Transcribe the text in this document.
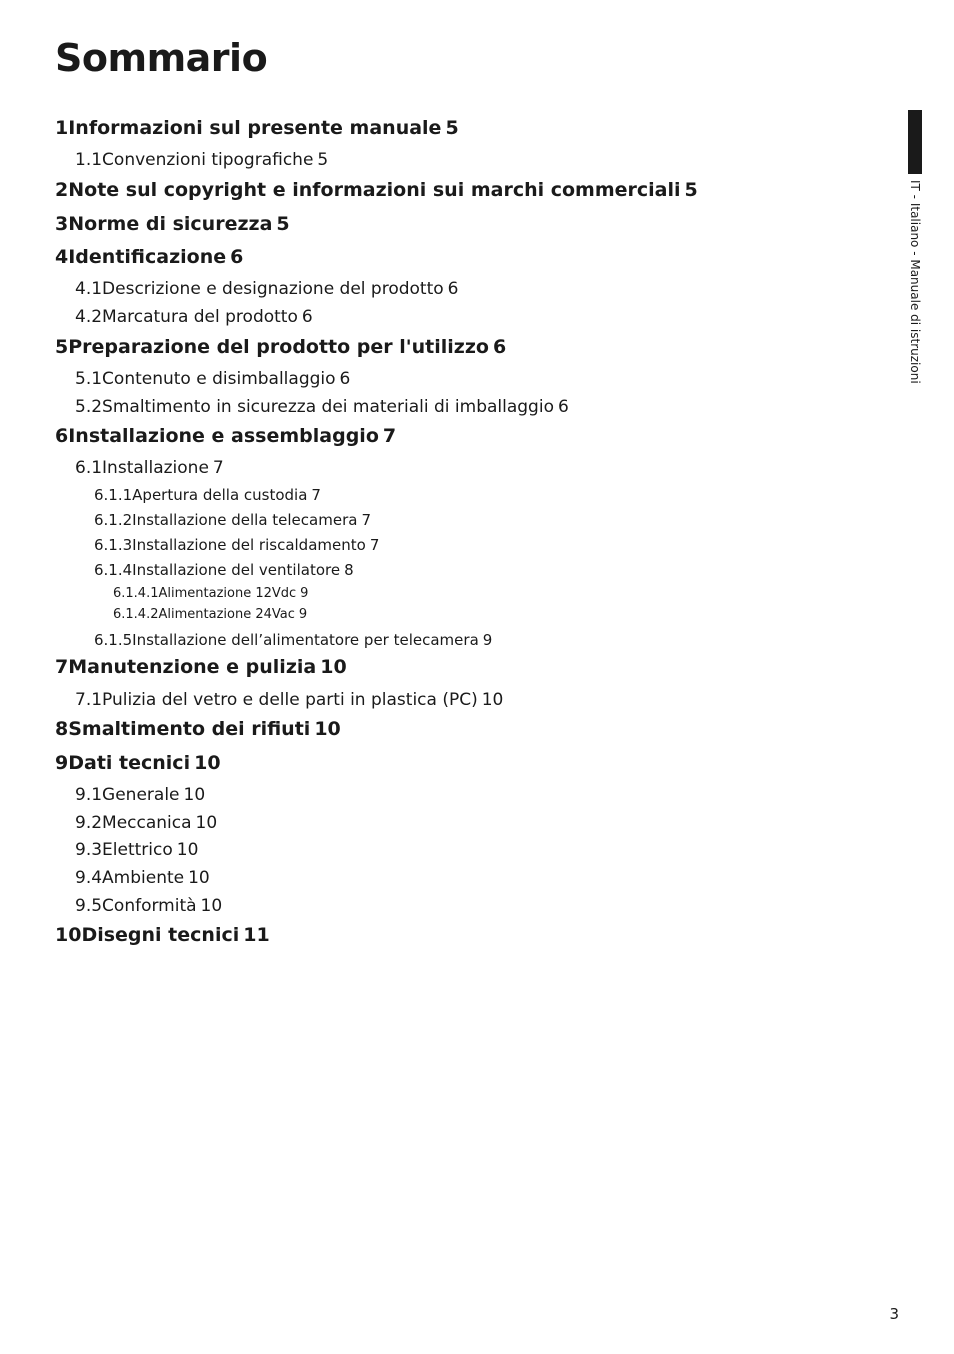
Sommario
IT - Italiano - Manuale di istruzioni
1 Informazioni sul presente manuale 5
1.1 Convenzioni tipografiche 5
2 Note sul copyright e informazioni sui marchi commerciali 5
3 Norme di sicurezza 5
4 Identificazione 6
4.1 Descrizione e designazione del prodotto 6
4.2 Marcatura del prodotto 6
5 Preparazione del prodotto per l'utilizzo 6
5.1 Contenuto e disimballaggio 6
5.2 Smaltimento in sicurezza dei materiali di imballaggio 6
6 Installazione e assemblaggio 7
6.1 Installazione 7
6.1.1 Apertura della custodia 7
6.1.2 Installazione della telecamera 7
6.1.3 Installazione del riscaldamento 7
6.1.4 Installazione del ventilatore 8
6.1.4.1 Alimentazione 12Vdc 9
6.1.4.2 Alimentazione 24Vac 9
6.1.5 Installazione dell’alimentatore per telecamera 9
7 Manutenzione e pulizia 10
7.1 Pulizia del vetro e delle parti in plastica (PC) 10
8 Smaltimento dei rifiuti 10
9 Dati tecnici 10
9.1 Generale 10
9.2 Meccanica 10
9.3 Elettrico 10
9.4 Ambiente 10
9.5 Conformità 10
10 Disegni tecnici 11
3
